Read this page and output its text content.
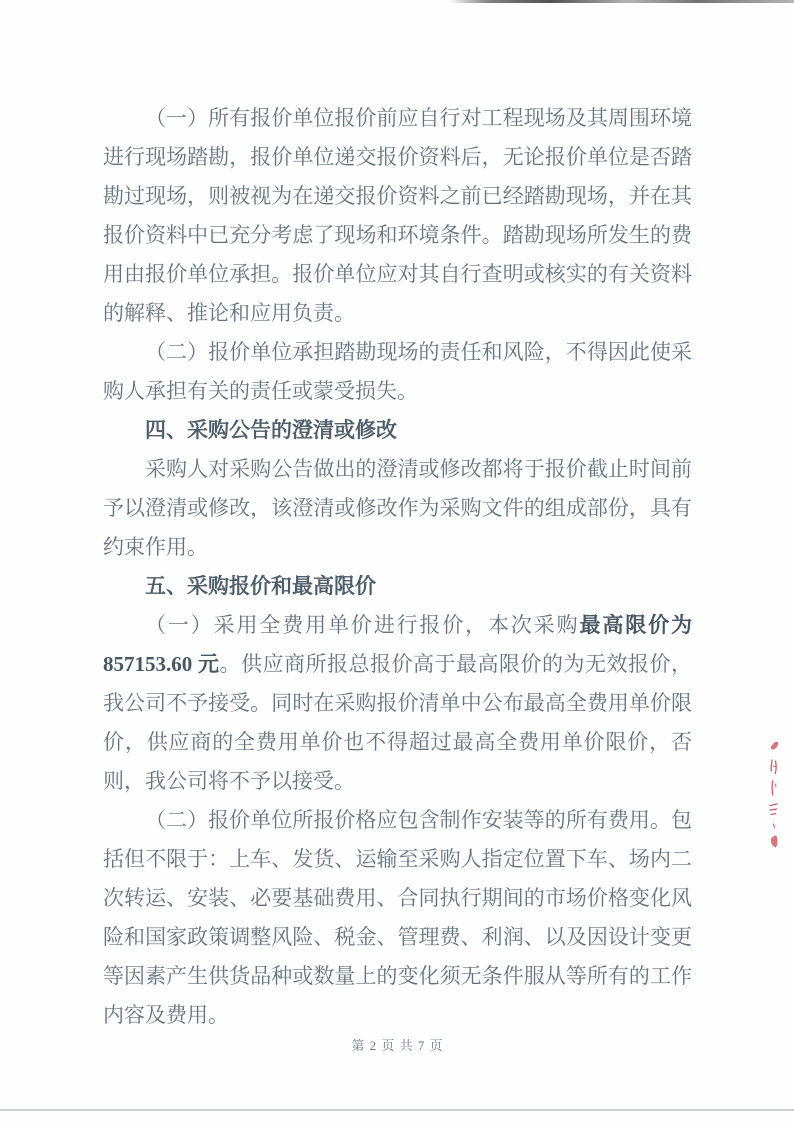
（一）所有报价单位报价前应自行对工程现场及其周围环境进行现场踏勘，报价单位递交报价资料后，无论报价单位是否踏勘过现场，则被视为在递交报价资料之前已经踏勘现场，并在其报价资料中已充分考虑了现场和环境条件。踏勘现场所发生的费用由报价单位承担。报价单位应对其自行查明或核实的有关资料的解释、推论和应用负责。

（二）报价单位承担踏勘现场的责任和风险，不得因此使采购人承担有关的责任或蒙受损失。

四、采购公告的澄清或修改

采购人对采购公告做出的澄清或修改都将于报价截止时间前予以澄清或修改，该澄清或修改作为采购文件的组成部份，具有约束作用。

五、采购报价和最高限价

（一）采用全费用单价进行报价，本次采购最高限价为857153.60 元。供应商所报总报价高于最高限价的为无效报价，我公司不予接受。同时在采购报价清单中公布最高全费用单价限价，供应商的全费用单价也不得超过最高全费用单价限价，否则，我公司将不予以接受。

（二）报价单位所报价格应包含制作安装等的所有费用。包括但不限于：上车、发货、运输至采购人指定位置下车、场内二次转运、安装、必要基础费用、合同执行期间的市场价格变化风险和国家政策调整风险、税金、管理费、利润、以及因设计变更等因素产生供货品种或数量上的变化须无条件服从等所有的工作内容及费用。

第 2 页 共 7 页
